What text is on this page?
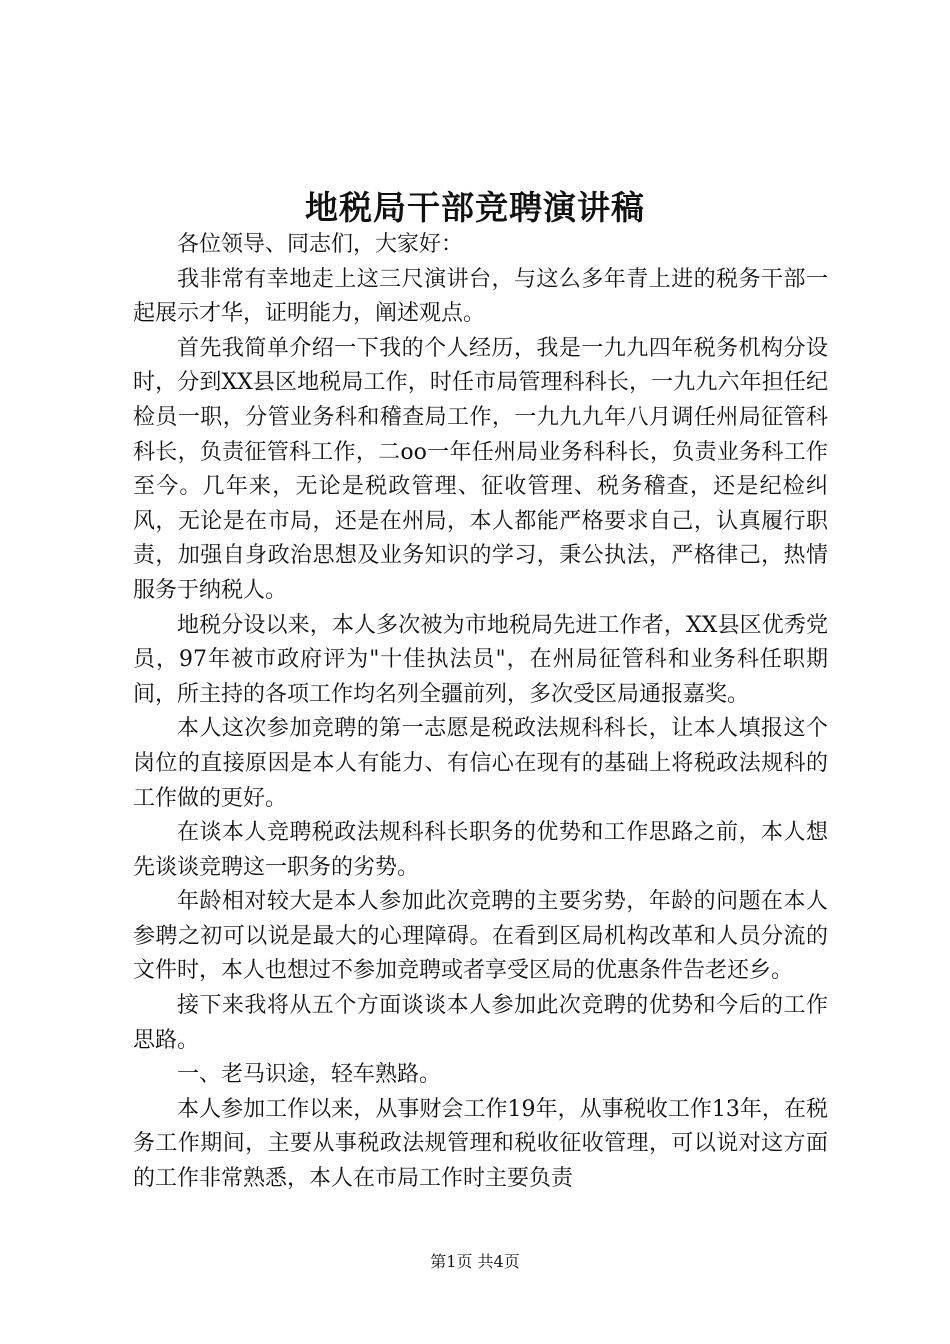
地税局干部竞聘演讲稿

各位领导、同志们，大家好：

我非常有幸地走上这三尺演讲台，与这么多年青上进的税务干部一起展示才华，证明能力，阐述观点。

首先我简单介绍一下我的个人经历，我是一九九四年税务机构分设时，分到XX县区地税局工作，时任市局管理科科长，一九九六年担任纪检员一职，分管业务科和稽查局工作，一九九九年八月调任州局征管科科长，负责征管科工作，二oo一年任州局业务科科长，负责业务科工作至今。几年来，无论是税政管理、征收管理、税务稽查，还是纪检纠风，无论是在市局，还是在州局，本人都能严格要求自己，认真履行职责，加强自身政治思想及业务知识的学习，秉公执法，严格律己，热情服务于纳税人。

地税分设以来，本人多次被为市地税局先进工作者，XX县区优秀党员，97年被市政府评为"十佳执法员"，在州局征管科和业务科任职期间，所主持的各项工作均名列全疆前列，多次受区局通报嘉奖。

本人这次参加竞聘的第一志愿是税政法规科科长，让本人填报这个岗位的直接原因是本人有能力、有信心在现有的基础上将税政法规科的工作做的更好。

在谈本人竞聘税政法规科科长职务的优势和工作思路之前，本人想先谈谈竞聘这一职务的劣势。

年龄相对较大是本人参加此次竞聘的主要劣势，年龄的问题在本人参聘之初可以说是最大的心理障碍。在看到区局机构改革和人员分流的文件时，本人也想过不参加竞聘或者享受区局的优惠条件告老还乡。

接下来我将从五个方面谈谈本人参加此次竞聘的优势和今后的工作思路。

一、老马识途，轻车熟路。

本人参加工作以来，从事财会工作19年，从事税收工作13年，在税务工作期间，主要从事税政法规管理和税收征收管理，可以说对这方面的工作非常熟悉，本人在市局工作时主要负责

第1页 共4页
